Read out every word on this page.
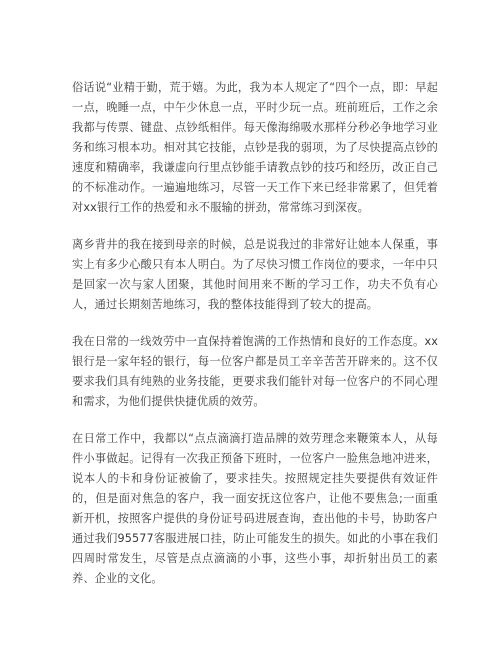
俗话说“业精于勤，荒于嬉。为此，我为本人规定了“四个一点，即：早起一点，晚睡一点，中午少休息一点，平时少玩一点。班前班后，工作之余我都与传票、键盘、点钞纸相伴。每天像海绵吸水那样分秒必争地学习业务和练习根本功。相对其它技能，点钞是我的弱项，为了尽快提高点钞的速度和精确率，我谦虚向行里点钞能手请教点钞的技巧和经历，改正自己的不标准动作。一遍遍地练习，尽管一天工作下来已经非常累了，但凭着对xx银行工作的热爱和永不服输的拼劲，常常练习到深夜。

离乡背井的我在接到母亲的时候，总是说我过的非常好让她本人保重，事实上有多少心酸只有本人明白。为了尽快习惯工作岗位的要求，一年中只是回家一次与家人团聚，其他时间用来不断的学习工作，功夫不负有心人，通过长期刻苦地练习，我的整体技能得到了较大的提高。

我在日常的一线效劳中一直保持着饱满的工作热情和良好的工作态度。xx银行是一家年轻的银行，每一位客户都是员工辛辛苦苦开辟来的。这不仅要求我们具有纯熟的业务技能，更要求我们能针对每一位客户的不同心理和需求，为他们提供快捷优质的效劳。

在日常工作中，我都以“点点滴滴打造品牌的效劳理念来鞭策本人，从每件小事做起。记得有一次我正预备下班时，一位客户一脸焦急地冲进来，说本人的卡和身份证被偷了，要求挂失。按照规定挂失要提供有效证件的，但是面对焦急的客户，我一面安抚这位客户，让他不要焦急;一面重新开机，按照客户提供的身份证号码进展查询，查出他的卡号，协助客户通过我们95577客服进展口挂，防止可能发生的损失。如此的小事在我们四周时常发生，尽管是点点滴滴的小事，这些小事，却折射出员工的素养、企业的文化。
